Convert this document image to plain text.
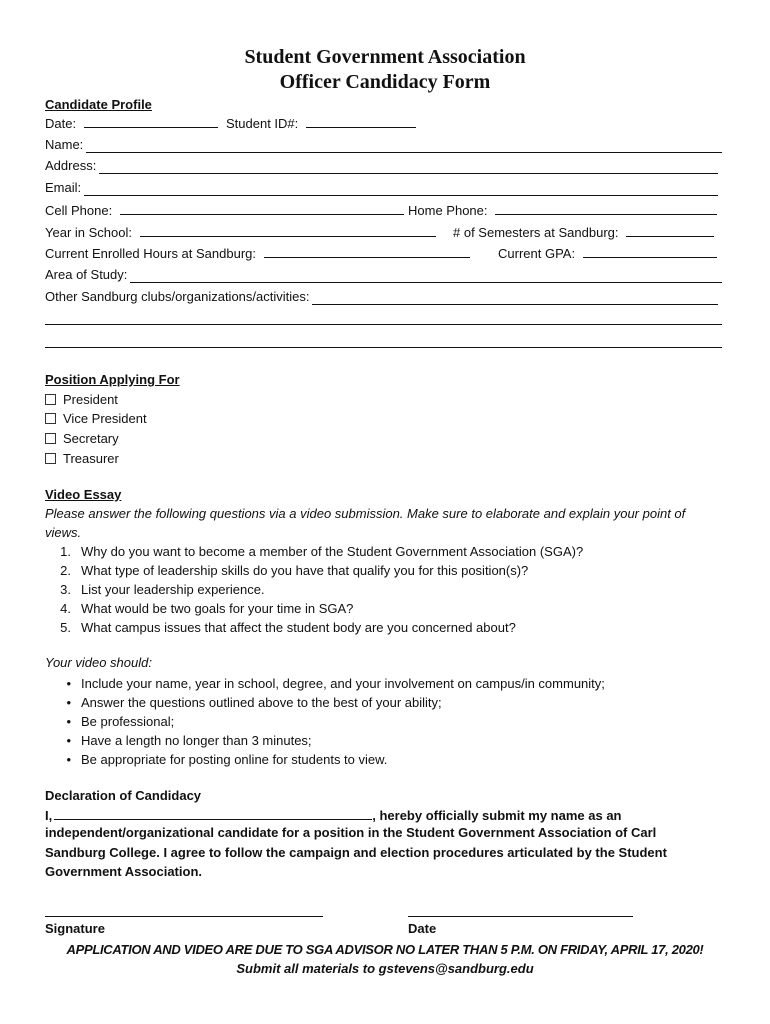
Student Government Association
Officer Candidacy Form
Candidate Profile
Date:	Student ID#:
Name:
Address:
Email:
Cell Phone:	Home Phone:
Year in School:	# of Semesters at Sandburg:
Current Enrolled Hours at Sandburg:	Current GPA:
Area of Study:
Other Sandburg clubs/organizations/activities:
Position Applying For
President
Vice President
Secretary
Treasurer
Video Essay
Please answer the following questions via a video submission. Make sure to elaborate and explain your point of
views.
1. Why do you want to become a member of the Student Government Association (SGA)?
2. What type of leadership skills do you have that qualify you for this position(s)?
3. List your leadership experience.
4. What would be two goals for your time in SGA?
5. What campus issues that affect the student body are you concerned about?
Your video should:
• Include your name, year in school, degree, and your involvement on campus/in community;
• Answer the questions outlined above to the best of your ability;
• Be professional;
• Have a length no longer than 3 minutes;
• Be appropriate for posting online for students to view.
Declaration of Candidacy
I,	, hereby officially submit my name as an
independent/organizational candidate for a position in the Student Government Association of Carl
Sandburg College. I agree to follow the campaign and election procedures articulated by the Student
Government Association.
Signature	Date
APPLICATION AND VIDEO ARE DUE TO SGA ADVISOR NO LATER THAN 5 P.M. ON FRIDAY, APRIL 17, 2020!
Submit all materials to gstevens@sandburg.edu
